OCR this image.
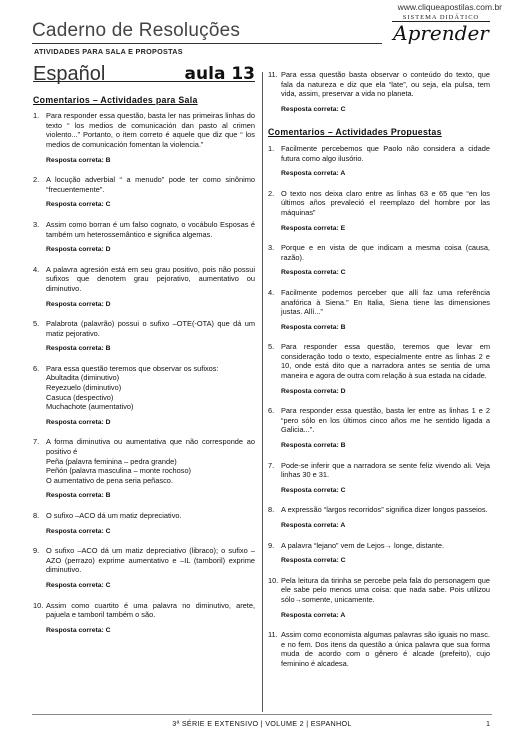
www.cliqueapostilas.com.br
Caderno de Resoluções
ATIVIDADES PARA SALA E PROPOSTAS
SISTEMA DIDÁTICO
Aprender
Español	aula 13
Comentarios – Actividades para Sala
1. Para responder essa questão, basta ler nas primeiras linhas do texto “ los medios de comunicación dan pasto al crimen violento...” Portanto, o item correto é aquele que diz que “ los medios de comunicación fomentan la violencia.”
Resposta correta: B
2. A locução adverbial “ a menudo” pode ter como sinônimo “frecuentemente”.
Resposta correta: C
3. Assim como borran é um falso cognato, o vocábulo Esposas é também um heterossemântico e significa algemas.
Resposta correta: D
4. A palavra agresión está em seu grau positivo, pois não possui sufixos que denotem grau pejorativo, aumentativo ou diminutivo.
Resposta correta: D
5. Palabrota (palavrão) possui o sufixo –OTE(-OTA) que dá um matiz pejorativo.
Resposta correta: B
6. Para essa questão teremos que observar os sufixos:
Abultadita (diminutivo)
Reyezuelo (diminutivo)
Casuca (despectivo)
Muchachote (aumentativo)
Resposta correta: D
7. A forma diminutiva ou aumentativa que não corresponde ao positivo é
Peña (palavra feminina – pedra grande)
Peñón (palavra masculina – monte rochoso)
O aumentativo de pena seria peñasco.
Resposta correta: B
8. O sufixo –ACO dá um matiz depreciativo.
Resposta correta: C
9. O sufixo –ACO dá um matiz depreciativo (libraco); o sufixo –AZO (perrazo) exprime aumentativo e –IL (tamboril) exprime diminutivo.
Resposta correta: C
10. Assim como cuartito é uma palavra no diminutivo, arete, pajuela e tamboril também o são.
Resposta correta: C
11. Para essa questão basta observar o conteúdo do texto, que fala da natureza e diz que ela “late”, ou seja, ela pulsa, tem vida, assim, preservar a vida no planeta.
Resposta correta: C
Comentarios – Actividades Propuestas
1. Facilmente percebemos que Paolo não considera a cidade futura como algo ilusório.
Resposta correta: A
2. O texto nos deixa claro entre as linhas 63 e 65 que “en los últimos años prevaleció el reemplazo del hombre por las máquinas”
Resposta correta: E
3. Porque e en vista de que indicam a mesma coisa (causa, razão).
Resposta correta: C
4. Facilmente podemos perceber que allí faz uma referência anafórica à Siena.” En Italia, Siena tiene las dimensiones justas. Allí...”
Resposta correta: B
5. Para responder essa questão, teremos que levar em consideração todo o texto, especialmente entre as linhas 2 e 10, onde está dito que a narradora antes se sentia de uma maneira e agora de outra com relação à sua estada na cidade.
Resposta correta: D
6. Para responder essa questão, basta ler entre as linhas 1 e 2 “pero sólo en los últimos cinco años me he sentido ligada a Galicia...”.
Resposta correta: B
7. Pode-se inferir que a narradora se sente feliz vivendo ali. Veja linhas 30 e 31.
Resposta correta: C
8. A expressão “largos recorridos” significa dizer longos passeios.
Resposta correta: A
9. A palavra “lejano” vem de Lejos→ longe, distante.
Resposta correta: C
10. Pela leitura da tirinha se percebe pela fala do personagem que ele sabe pelo menos uma coisa: que nada sabe. Pois utilizou sólo→somente, unicamente.
Resposta correta: A
11. Assim como economista algumas palavras são iguais no masc. e no fem. Dos itens da questão a única palavra que sua forma muda de acordo com o gênero é alcade (prefeito), cujo feminino é alcadesa.
3ª SÉRIE E EXTENSIVO | VOLUME 2 | ESPANHOL	1
